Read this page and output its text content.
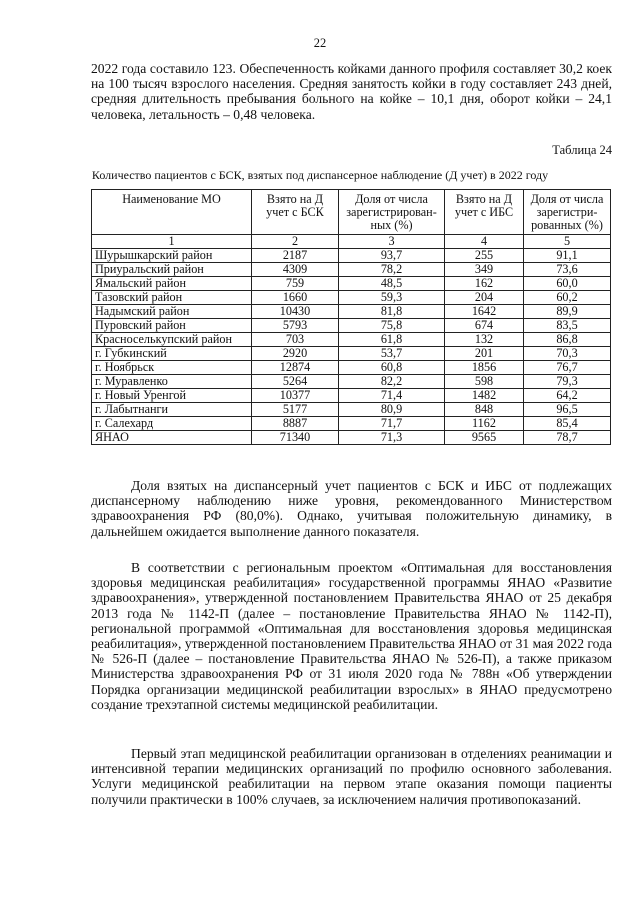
22

2022 года составило 123. Обеспеченность койками данного профиля составляет 30,2 коек на 100 тысяч взрослого населения. Средняя занятость койки в году составляет 243 дней, средняя длительность пребывания больного на койке – 10,1 дня, оборот койки – 24,1 человека, летальность – 0,48 человека.

Таблица 24
Количество пациентов с БСК, взятых под диспансерное наблюдение (Д учет) в 2022 году
Наименование МО	Взято на Д учет с БСК	Доля от числа зарегистрирован-ных (%)	Взято на Д учет с ИБС	Доля от числа зарегистри-рованных (%)
1	2	3	4	5
Шурышкарский район	2187	93,7	255	91,1
Приуральский район	4309	78,2	349	73,6
Ямальский район	759	48,5	162	60,0
Тазовский район	1660	59,3	204	60,2
Надымский район	10430	81,8	1642	89,9
Пуровский район	5793	75,8	674	83,5
Красноселькупский район	703	61,8	132	86,8
г. Губкинский	2920	53,7	201	70,3
г. Ноябрьск	12874	60,8	1856	76,7
г. Муравленко	5264	82,2	598	79,3
г. Новый Уренгой	10377	71,4	1482	64,2
г. Лабытнанги	5177	80,9	848	96,5
г. Салехард	8887	71,7	1162	85,4
ЯНАО	71340	71,3	9565	78,7

Доля взятых на диспансерный учет пациентов с БСК и ИБС от подлежащих диспансерному наблюдению ниже уровня, рекомендованного Министерством здравоохранения РФ (80,0%). Однако, учитывая положительную динамику, в дальнейшем ожидается выполнение данного показателя.

В соответствии с региональным проектом «Оптимальная для восстановления здоровья медицинская реабилитация» государственной программы ЯНАО «Развитие здравоохранения», утвержденной постановлением Правительства ЯНАО от 25 декабря 2013 года № 1142-П (далее – постановление Правительства ЯНАО № 1142-П), региональной программой «Оптимальная для восстановления здоровья медицинская реабилитация», утвержденной постановлением Правительства ЯНАО от 31 мая 2022 года № 526-П (далее – постановление Правительства ЯНАО № 526-П), а также приказом Министерства здравоохранения РФ от 31 июля 2020 года № 788н «Об утверждении Порядка организации медицинской реабилитации взрослых» в ЯНАО предусмотрено создание трехэтапной системы медицинской реабилитации.

Первый этап медицинской реабилитации организован в отделениях реанимации и интенсивной терапии медицинских организаций по профилю основного заболевания. Услуги медицинской реабилитации на первом этапе оказания помощи пациенты получили практически в 100% случаев, за исключением наличия противопоказаний.
